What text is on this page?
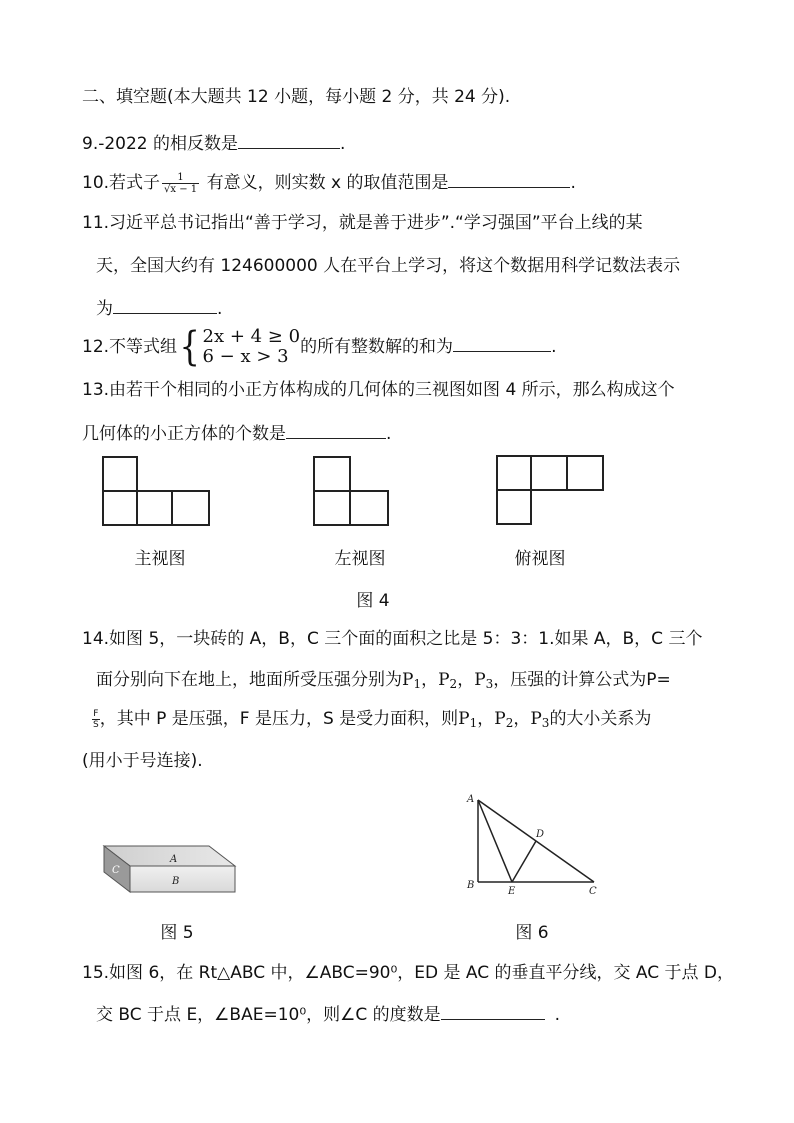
二、填空题(本大题共 12 小题，每小题 2 分，共 24 分).
9.-2022 的相反数是	.
10.若式子 $\frac{1}{√x - 1}$ 有意义，则实数 x 的取值范围是	.
11.习近平总书记指出“善于学习，就是善于进步”.“学习强国”平台上线的某
天，全国大约有 124600000 人在平台上学习，将这个数据用科学记数法表示
为	.
12.不等式组{ 2x + 4 ≥ 0
6 − x > 3 的所有整数解的和为	.
13.由若干个相同的小正方体构成的几何体的三视图如图 4 所示，那么构成这个
几何体的小正方体的个数是	.
主视图	左视图	俯视图
图 4
14.如图 5，一块砖的 A，B，C 三个面的面积之比是 5：3：1.如果 A，B，C 三个
面分别向下在地上，地面所受压强分别为$P_1$，$P_2$，$P_3$，压强的计算公式为P=
$\frac{F}{S}$ ，其中 P 是压强，F 是压力，S 是受力面积，则$P_1$，$P_2$，$P_3$的大小关系为
(用小于号连接).
A
B
C
图 5
A
B
C
D
E
图 6
15.如图 6，在 Rt△ABC 中，∠ABC=90⁰，ED 是 AC 的垂直平分线，交 AC 于点 D，
交 BC 于点 E，∠BAE=10⁰，则∠C 的度数是	.
